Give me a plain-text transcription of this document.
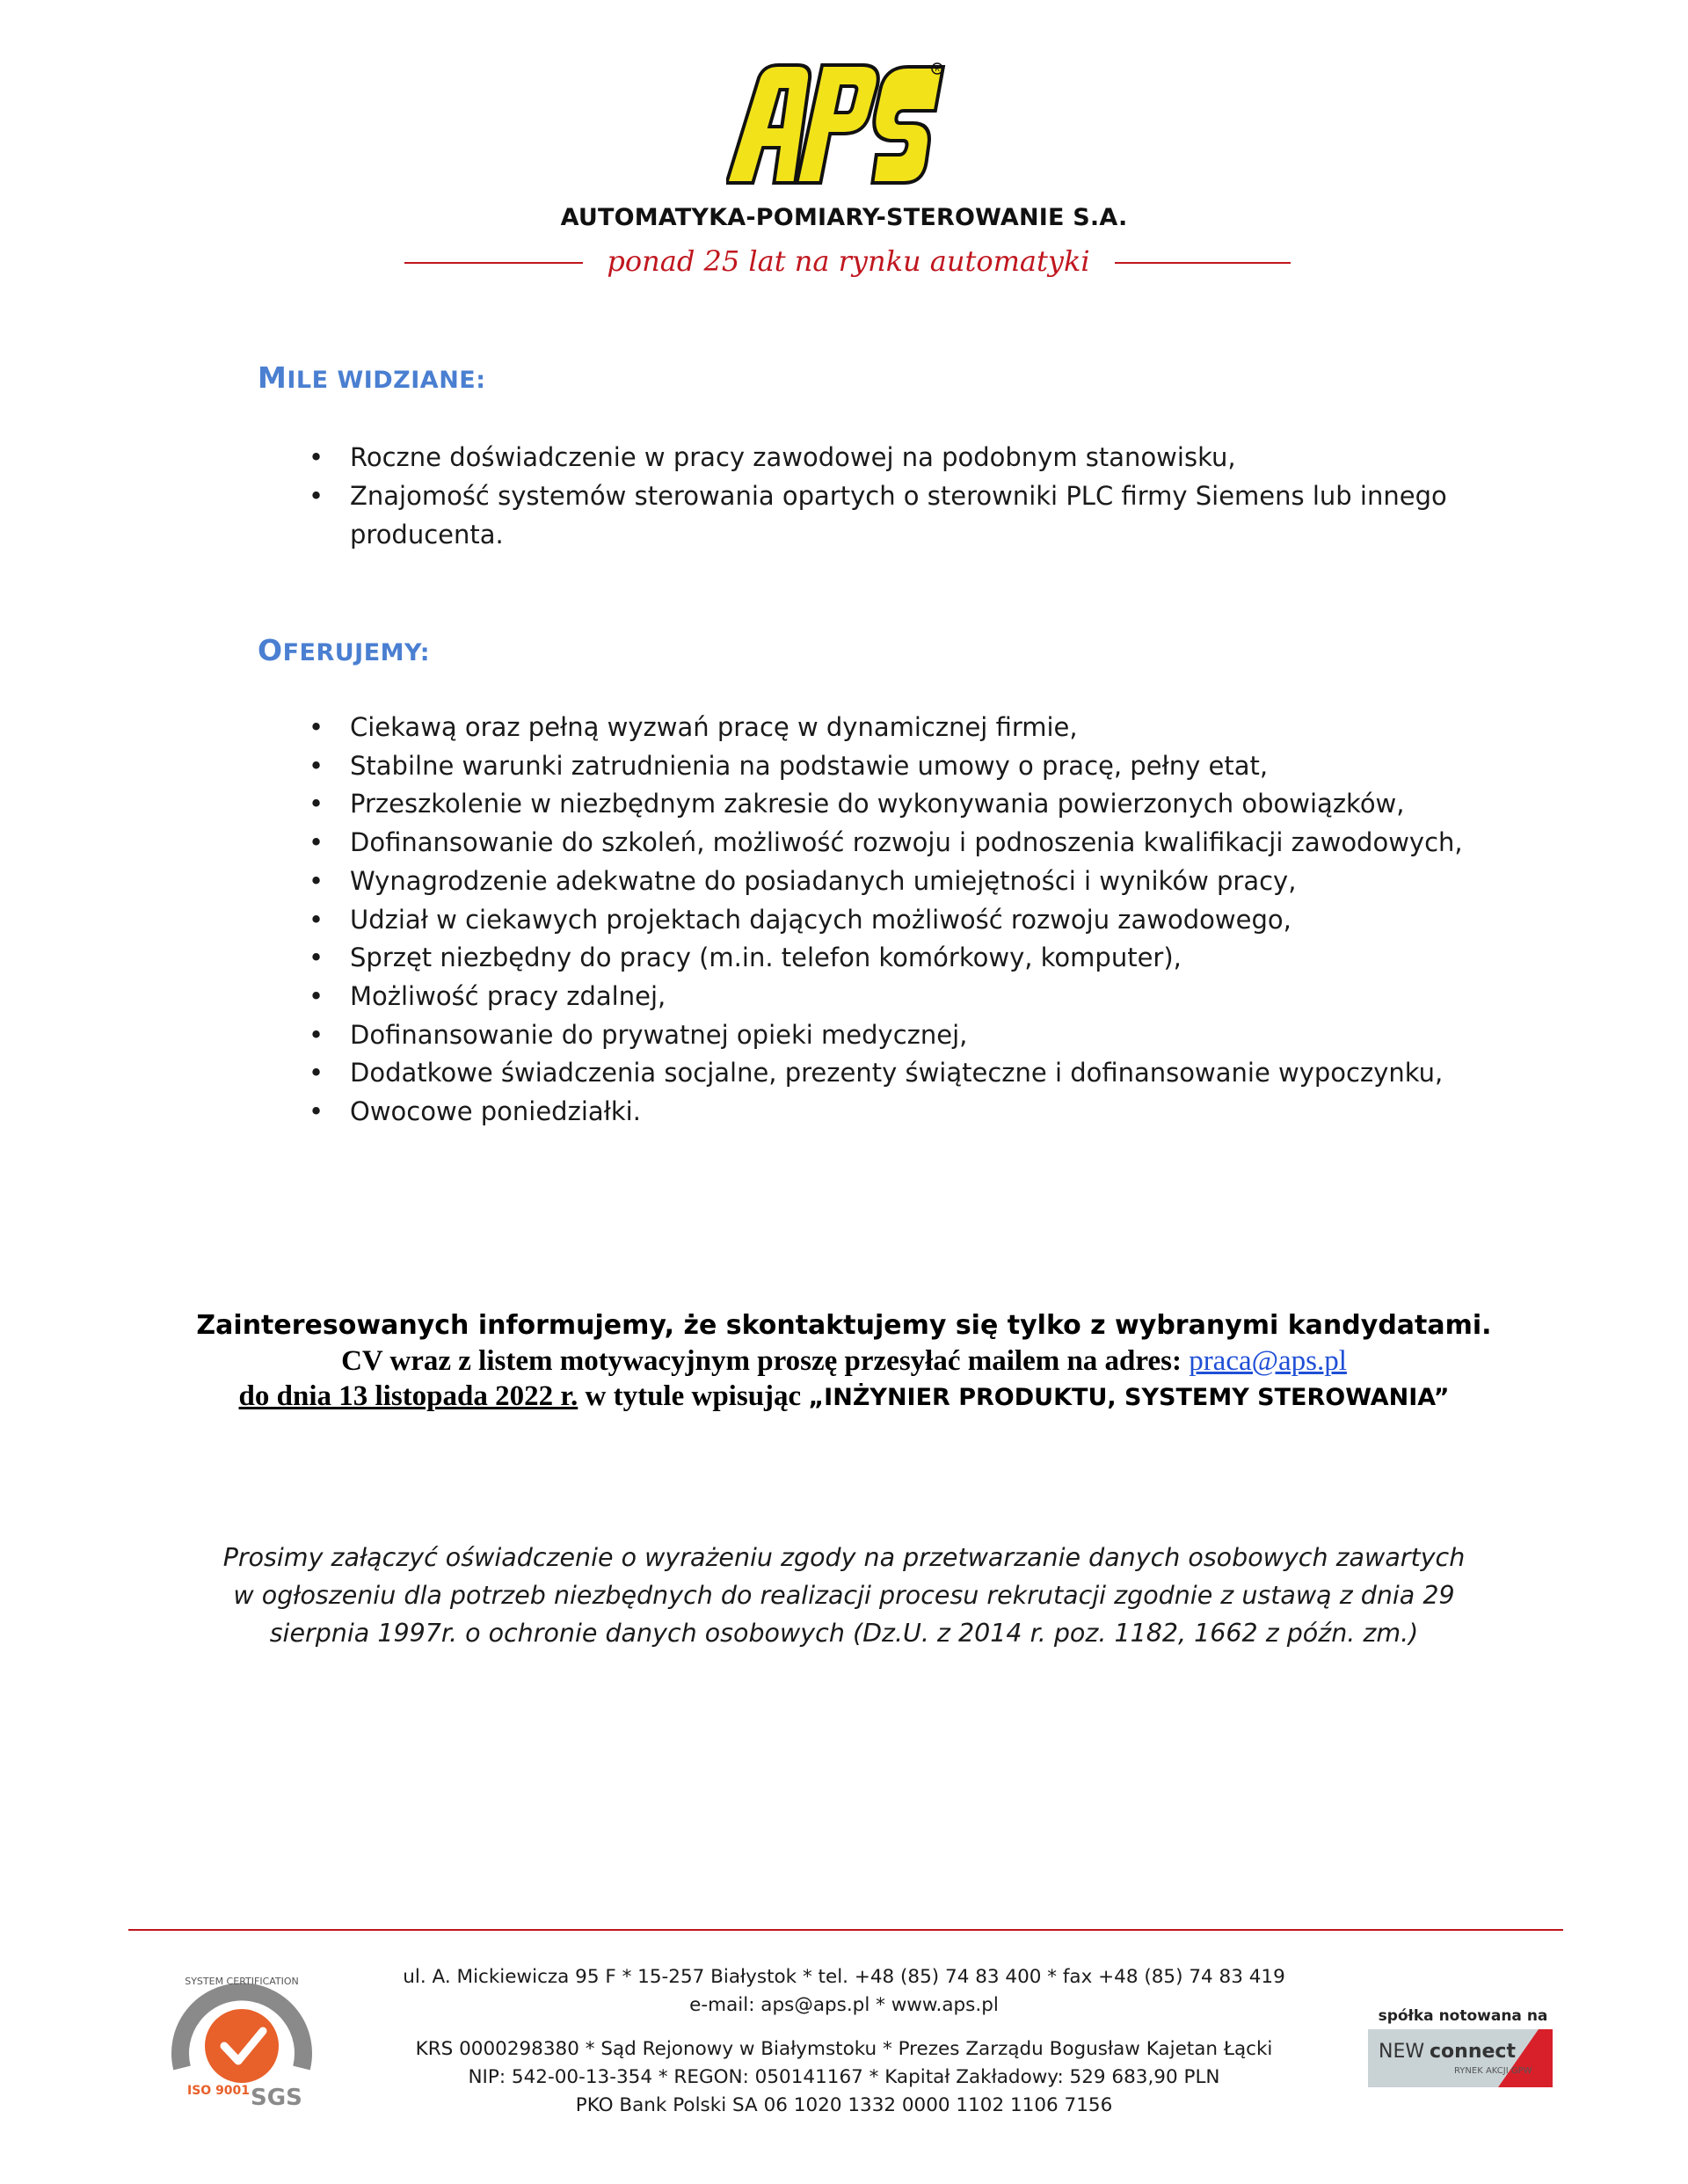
R
APS
AUTOMATYKA-POMIARY-STEROWANIE S.A.
ponad 25 lat na rynku automatyki
MILE WIDZIANE:
• Roczne doświadczenie w pracy zawodowej na podobnym stanowisku,
• Znajomość systemów sterowania opartych o sterowniki PLC firmy Siemens lub innego
producenta.
OFERUJEMY:
• Ciekawą oraz pełną wyzwań pracę w dynamicznej firmie,
• Stabilne warunki zatrudnienia na podstawie umowy o pracę, pełny etat,
• Przeszkolenie w niezbędnym zakresie do wykonywania powierzonych obowiązków,
• Dofinansowanie do szkoleń, możliwość rozwoju i podnoszenia kwalifikacji zawodowych,
• Wynagrodzenie adekwatne do posiadanych umiejętności i wyników pracy,
• Udział w ciekawych projektach dających możliwość rozwoju zawodowego,
• Sprzęt niezbędny do pracy (m.in. telefon komórkowy, komputer),
• Możliwość pracy zdalnej,
• Dofinansowanie do prywatnej opieki medycznej,
• Dodatkowe świadczenia socjalne, prezenty świąteczne i dofinansowanie wypoczynku,
• Owocowe poniedziałki.
Zainteresowanych informujemy, że skontaktujemy się tylko z wybranymi kandydatami.
CV wraz z listem motywacyjnym proszę przesyłać mailem na adres: praca@aps.pl
do dnia 13 listopada 2022 r. w tytule wpisując „INŻYNIER PRODUKTU, SYSTEMY STEROWANIA”
Prosimy załączyć oświadczenie o wyrażeniu zgody na przetwarzanie danych osobowych zawartych w ogłoszeniu dla potrzeb niezbędnych do realizacji procesu rekrutacji zgodnie z ustawą z dnia 29 sierpnia 1997r. o ochronie danych osobowych (Dz.U. z 2014 r. poz. 1182, 1662 z późn. zm.)
SYSTEM CERTIFICATION
ISO 9001 SGS
ul. A. Mickiewicza 95 F * 15-257 Białystok * tel. +48 (85) 74 83 400 * fax +48 (85) 74 83 419
e-mail: aps@aps.pl * www.aps.pl
KRS 0000298380 * Sąd Rejonowy w Białymstoku * Prezes Zarządu Bogusław Kajetan Łącki
NIP: 542-00-13-354 * REGON: 050141167 * Kapitał Zakładowy: 529 683,90 PLN
PKO Bank Polski SA 06 1020 1332 0000 1102 1106 7156
spółka notowana na
NEW connect
RYNEK AKCJI GPW
